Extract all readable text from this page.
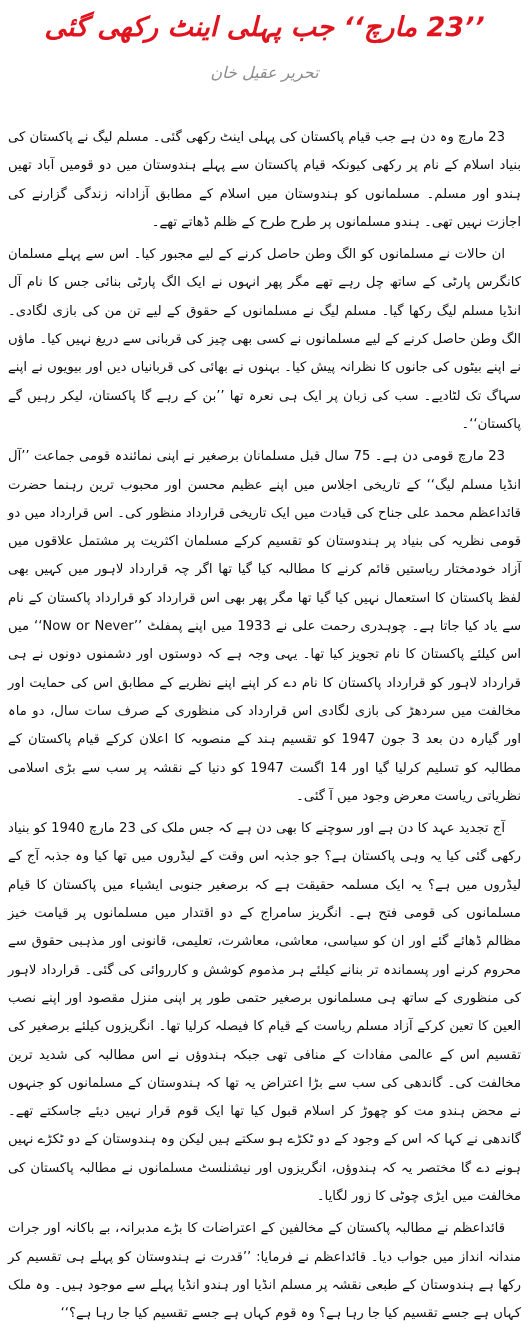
’’23 مارچ‘‘ جب پہلی اینٹ رکھی گئی
تحریر عقیل خان

23 مارچ وہ دن ہے جب قیام پاکستان کی پہلی اینٹ رکھی گئی۔ مسلم لیگ نے پاکستان کی بنیاد اسلام کے نام پر رکھی کیونکہ قیام پاکستان سے پہلے ہندوستان میں دو قومیں آباد تھیں ہندو اور مسلم۔ مسلمانوں کو ہندوستان میں اسلام کے مطابق آزادانہ زندگی گزارنے کی اجازت نہیں تھی۔ ہندو مسلمانوں پر طرح طرح کے ظلم ڈھاتے تھے۔

ان حالات نے مسلمانوں کو الگ وطن حاصل کرنے کے لیے مجبور کیا۔ اس سے پہلے مسلمان کانگرس پارٹی کے ساتھ چل رہے تھے مگر پھر انہوں نے ایک الگ پارٹی بنائی جس کا نام آل انڈیا مسلم لیگ رکھا گیا۔ مسلم لیگ نے مسلمانوں کے حقوق کے لیے تن من کی بازی لگادی۔ الگ وطن حاصل کرنے کے لیے مسلمانوں نے کسی بھی چیز کی قربانی سے دریغ نہیں کیا۔ ماؤں نے اپنے بیٹوں کی جانوں کا نظرانہ پیش کیا۔ بہنوں نے بھائی کی قربانیاں دیں اور بیویوں نے اپنے سہاگ تک لٹادیے۔ سب کی زبان پر ایک ہی نعرہ تھا ’’بن کے رہے گا پاکستان، لیکر رہیں گے پاکستان‘‘۔

23 مارچ قومی دن ہے۔ 75 سال قبل مسلمانان برصغیر نے اپنی نمائندہ قومی جماعت ’’آل انڈیا مسلم لیگ‘‘ کے تاریخی اجلاس میں اپنے عظیم محسن اور محبوب ترین رہنما حضرت قائداعظم محمد علی جناح کی قیادت میں ایک تاریخی قرارداد منظور کی۔ اس قرارداد میں دو قومی نظریہ کی بنیاد پر ہندوستان کو تقسیم کرکے مسلمان اکثریت پر مشتمل علاقوں میں آزاد خودمختار ریاستیں قائم کرنے کا مطالبہ کیا گیا تھا اگر چہ قرارداد لاہور میں کہیں بھی لفظ پاکستان کا استعمال نہیں کیا گیا تھا مگر پھر بھی اس قرارداد کو قرارداد پاکستان کے نام سے یاد کیا جاتا ہے۔ چوہدری رحمت علی نے 1933 میں اپنے پمفلٹ ’’Now or Never‘‘ میں اس کیلئے پاکستان کا نام تجویز کیا تھا۔ یہی وجہ ہے کہ دوستوں اور دشمنوں دونوں نے ہی قرارداد لاہور کو قرارداد پاکستان کا نام دے کر اپنے اپنے نظریے کے مطابق اس کی حمایت اور مخالفت میں سردھڑ کی بازی لگادی اس قرارداد کی منظوری کے صرف سات سال، دو ماہ اور گیارہ دن بعد 3 جون 1947 کو تقسیم ہند کے منصوبہ کا اعلان کرکے قیام پاکستان کے مطالبہ کو تسلیم کرلیا گیا اور 14 اگست 1947 کو دنیا کے نقشہ پر سب سے بڑی اسلامی نظریاتی ریاست معرض وجود میں آ گئی۔

آج تجدید عہد کا دن ہے اور سوچنے کا بھی دن ہے کہ جس ملک کی 23 مارچ 1940 کو بنیاد رکھی گئی کیا یہ وہی پاکستان ہے؟ جو جذبہ اس وقت کے لیڈروں میں تھا کیا وہ جذبہ آج کے لیڈروں میں ہے؟ یہ ایک مسلمہ حقیقت ہے کہ برصغیر جنوبی ایشیاء میں پاکستان کا قیام مسلمانوں کی قومی فتح ہے۔ انگریز سامراج کے دو اقتدار میں مسلمانوں پر قیامت خیز مظالم ڈھائے گئے اور ان کو سیاسی، معاشی، معاشرت، تعلیمی، قانونی اور مذہبی حقوق سے محروم کرنے اور پسماندہ تر بنانے کیلئے ہر مذموم کوشش و کارروائی کی گئی۔ قرارداد لاہور کی منظوری کے ساتھ ہی مسلمانوں برصغیر حتمی طور پر اپنی منزل مقصود اور اپنے نصب العین کا تعین کرکے آزاد مسلم ریاست کے قیام کا فیصلہ کرلیا تھا۔ انگریزوں کیلئے برصغیر کی تقسیم اس کے عالمی مفادات کے منافی تھی جبکہ ہندوؤں نے اس مطالبہ کی شدید ترین مخالفت کی۔ گاندھی کی سب سے بڑا اعتراض یہ تھا کہ ہندوستان کے مسلمانوں کو جنہوں نے محض ہندو مت کو چھوڑ کر اسلام قبول کیا تھا ایک قوم قرار نہیں دیئے جاسکتے تھے۔ گاندھی نے کہا کہ اس کے وجود کے دو ٹکڑے ہو سکتے ہیں لیکن وہ ہندوستان کے دو ٹکڑے نہیں ہونے دے گا مختصر یہ کہ ہندوؤں، انگریزوں اور نیشنلسٹ مسلمانوں نے مطالبہ پاکستان کی مخالفت میں ایڑی چوٹی کا زور لگایا۔

قائداعظم نے مطالبہ پاکستان کے مخالفین کے اعتراضات کا بڑے مدبرانہ، بے باکانہ اور جرات مندانہ انداز میں جواب دیا۔ قائداعظم نے فرمایا: ’’قدرت نے ہندوستان کو پہلے ہی تقسیم کر رکھا ہے ہندوستان کے طبعی نقشہ پر مسلم انڈیا اور ہندو انڈیا پہلے سے موجود ہیں۔ وہ ملک کہاں ہے جسے تقسیم کیا جا رہا ہے؟ وہ قوم کہاں ہے جسے تقسیم کیا جا رہا ہے؟‘‘
